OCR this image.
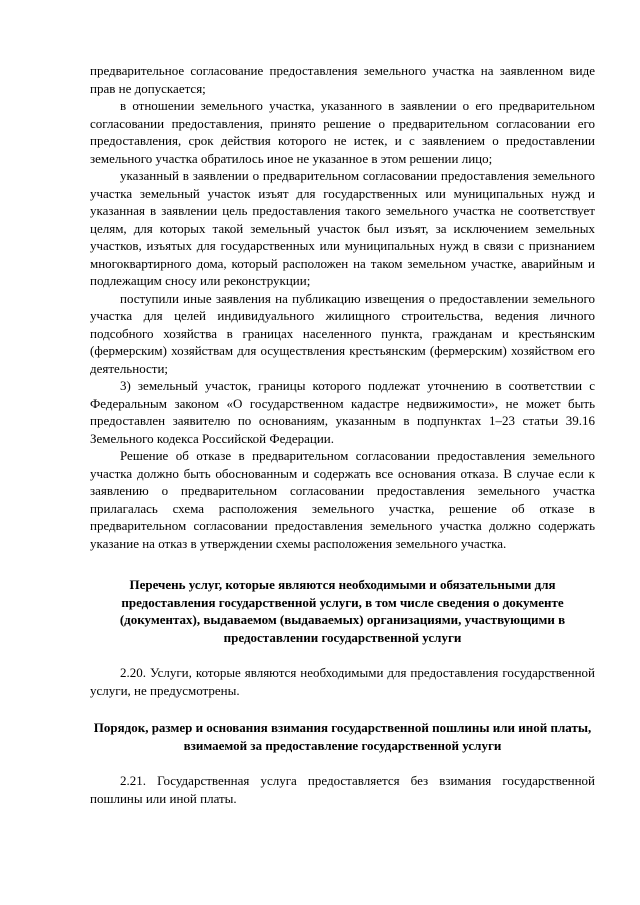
предварительное согласование предоставления земельного участка на заявленном виде прав не допускается;

в отношении земельного участка, указанного в заявлении о его предварительном согласовании предоставления, принято решение о предварительном согласовании его предоставления, срок действия которого не истек, и с заявлением о предоставлении земельного участка обратилось иное не указанное в этом решении лицо;

указанный в заявлении о предварительном согласовании предоставления земельного участка земельный участок изъят для государственных или муниципальных нужд и указанная в заявлении цель предоставления такого земельного участка не соответствует целям, для которых такой земельный участок был изъят, за исключением земельных участков, изъятых для государственных или муниципальных нужд в связи с признанием многоквартирного дома, который расположен на таком земельном участке, аварийным и подлежащим сносу или реконструкции;

поступили иные заявления на публикацию извещения о предоставлении земельного участка для целей индивидуального жилищного строительства, ведения личного подсобного хозяйства в границах населенного пункта, гражданам и крестьянским (фермерским) хозяйствам для осуществления крестьянским (фермерским) хозяйством его деятельности;

3) земельный участок, границы которого подлежат уточнению в соответствии с Федеральным законом «О государственном кадастре недвижимости», не может быть предоставлен заявителю по основаниям, указанным в подпунктах 1–23 статьи 39.16 Земельного кодекса Российской Федерации.

Решение об отказе в предварительном согласовании предоставления земельного участка должно быть обоснованным и содержать все основания отказа. В случае если к заявлению о предварительном согласовании предоставления земельного участка прилагалась схема расположения земельного участка, решение об отказе в предварительном согласовании предоставления земельного участка должно содержать указание на отказ в утверждении схемы расположения земельного участка.

Перечень услуг, которые являются необходимыми и обязательными для предоставления государственной услуги, в том числе сведения о документе (документах), выдаваемом (выдаваемых) организациями, участвующими в предоставлении государственной услуги

2.20. Услуги, которые являются необходимыми для предоставления государственной услуги, не предусмотрены.

Порядок, размер и основания взимания государственной пошлины или иной платы, взимаемой за предоставление государственной услуги

2.21. Государственная услуга предоставляется без взимания государственной пошлины или иной платы.
